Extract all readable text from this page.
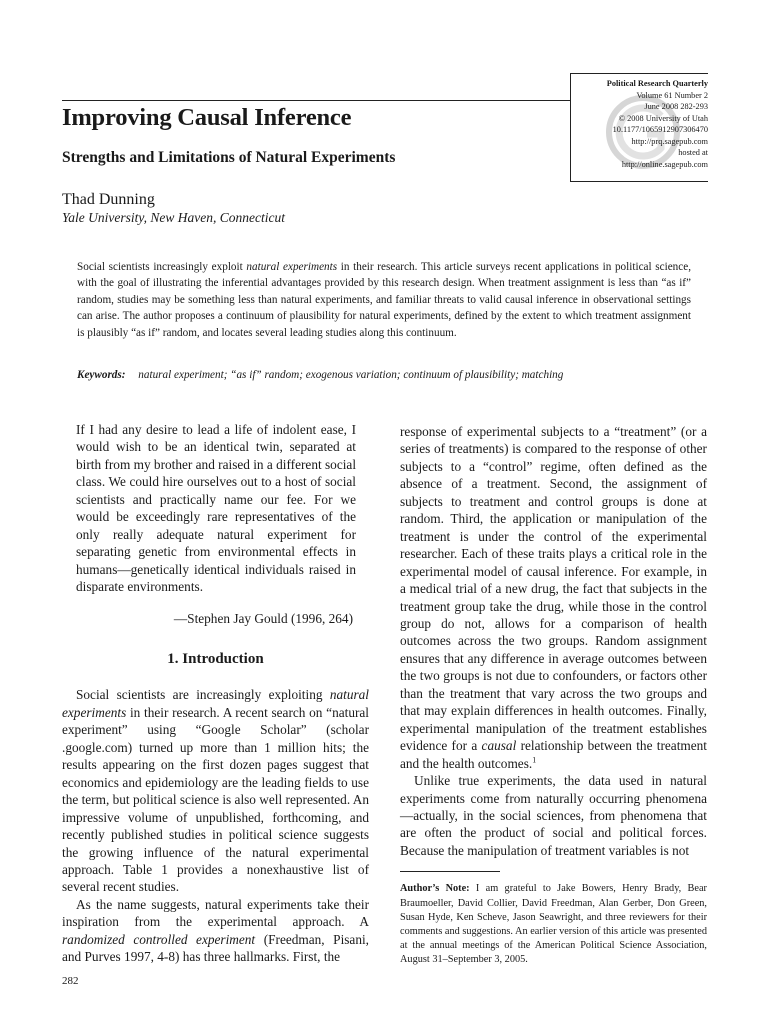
Political Research Quarterly
Volume 61 Number 2
June 2008 282-293
© 2008 University of Utah
10.1177/1065912907306470
http://prq.sagepub.com
hosted at
http://online.sagepub.com
Improving Causal Inference
Strengths and Limitations of Natural Experiments
Thad Dunning
Yale University, New Haven, Connecticut
Social scientists increasingly exploit natural experiments in their research. This article surveys recent applications in political science, with the goal of illustrating the inferential advantages provided by this research design. When treatment assignment is less than “as if” random, studies may be something less than natural experiments, and familiar threats to valid causal inference in observational settings can arise. The author proposes a continuum of plausibility for natural experiments, defined by the extent to which treatment assignment is plausibly “as if” random, and locates several leading studies along this continuum.
Keywords: natural experiment; “as if” random; exogenous variation; continuum of plausibility; matching
If I had any desire to lead a life of indolent ease, I would wish to be an identical twin, separated at birth from my brother and raised in a different social class. We could hire ourselves out to a host of social scientists and practically name our fee. For we would be exceedingly rare representatives of the only really adequate natural experiment for separating genetic from environmental effects in humans—genetically identical individuals raised in disparate environments.
—Stephen Jay Gould (1996, 264)
1. Introduction

Social scientists are increasingly exploiting natural experiments in their research. A recent search on “natural experiment” using “Google Scholar” (scholar .google.com) turned up more than 1 million hits; the results appearing on the first dozen pages suggest that economics and epidemiology are the leading fields to use the term, but political science is also well represented. An impressive volume of unpublished, forthcoming, and recently published studies in political science suggests the growing influence of the natural experimental approach. Table 1 provides a nonexhaustive list of several recent studies.

As the name suggests, natural experiments take their inspiration from the experimental approach. A randomized controlled experiment (Freedman, Pisani, and Purves 1997, 4-8) has three hallmarks. First, the

response of experimental subjects to a “treatment” (or a series of treatments) is compared to the response of other subjects to a “control” regime, often defined as the absence of a treatment. Second, the assignment of subjects to treatment and control groups is done at random. Third, the application or manipulation of the treatment is under the control of the experimental researcher. Each of these traits plays a critical role in the experimental model of causal inference. For example, in a medical trial of a new drug, the fact that subjects in the treatment group take the drug, while those in the control group do not, allows for a comparison of health outcomes across the two groups. Random assignment ensures that any difference in average outcomes between the two groups is not due to confounders, or factors other than the treatment that vary across the two groups and that may explain differences in health outcomes. Finally, experimental manipulation of the treatment establishes evidence for a causal relationship between the treatment and the health outcomes.$^1$

Unlike true experiments, the data used in natural experiments come from naturally occurring phenomena—actually, in the social sciences, from phenomena that are often the product of social and political forces. Because the manipulation of treatment variables is not

Author’s Note: I am grateful to Jake Bowers, Henry Brady, Bear Braumoeller, David Collier, David Freedman, Alan Gerber, Don Green, Susan Hyde, Ken Scheve, Jason Seawright, and three reviewers for their comments and suggestions. An earlier version of this article was presented at the annual meetings of the American Political Science Association, August 31–September 3, 2005.
282
